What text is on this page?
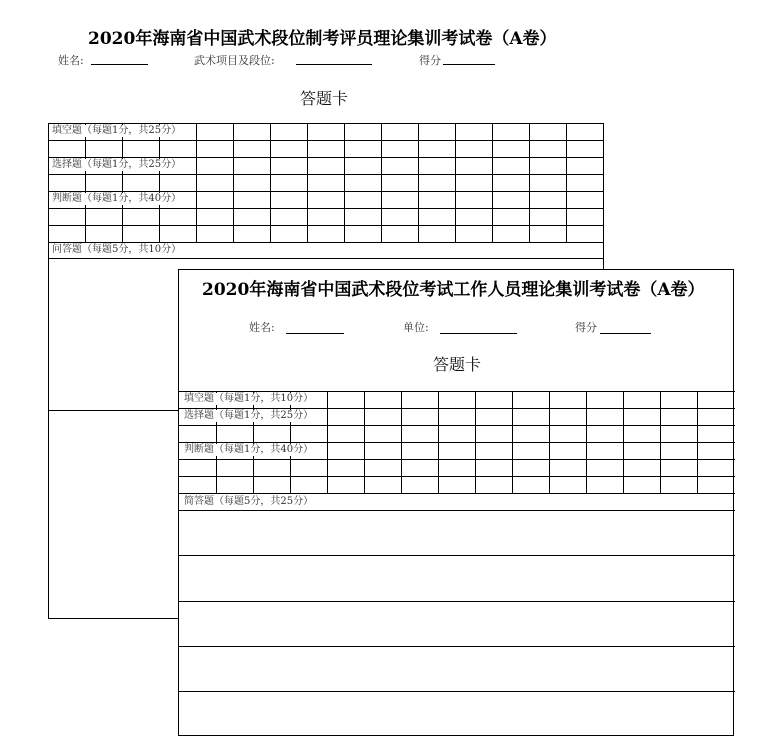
2020年海南省中国武术段位制考评员理论集训考试卷（A卷）
姓名:	武术项目及段位:	得分
答题卡
填空题（每题1分，共25分）
选择题（每题1分，共25分）
判断题（每题1分，共40分）
问答题（每题5分，共10分）
姓名:	单位:	得分
答题卡
填空题（每题1分，共10分）
选择题（每题1分，共25分）
判断题（每题1分，共40分）
简答题（每题5分，共25分）
2020年海南省中国武术段位考试工作人员理论集训考试卷（A卷）
